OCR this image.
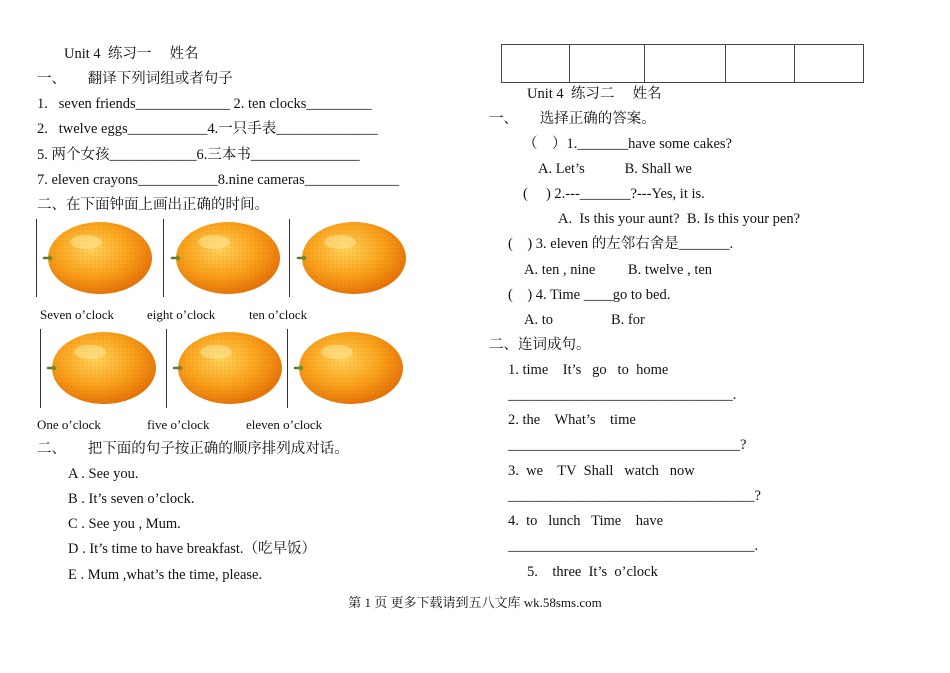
Unit 4  练习一     姓名
一、      翻译下列词组或者句子
1.   seven friends_____________ 2. ten clocks_________
2.   twelve eggs___________4.一只手表______________
5. 两个女孩____________6.三本书_______________
7. eleven crayons___________8.nine cameras_____________
二、在下面钟面上画出正确的时间。
Seven o’clock	eight o’clock	ten o’clock
One o’clock	five o’clock	eleven o’clock
二、      把下面的句子按正确的顺序排列成对话。
A . See you.
B . It’s seven o’clock.
C . See you , Mum.
D . It’s time to have breakfast.（吃早饭）
E . Mum ,what’s the time, please.

Unit 4  练习二     姓名
一、      选择正确的答案。
（    ）1._______have some cakes?
A. Let’s           B. Shall we
(     ) 2.---_______?---Yes, it is.
A.  Is this your aunt?  B. Is this your pen?
(    ) 3. eleven 的左邻右舍是_______.
A. ten , nine         B. twelve , ten
(    ) 4. Time ____go to bed.
A. to                B. for
二、连词成句。
1. time    It’s   go   to  home
_______________________________.
2. the    What’s    time
________________________________?
3.  we    TV  Shall   watch   now
__________________________________?
4.  to   lunch   Time    have
__________________________________.
5.    three  It’s  o’clock
第 1 页 更多下载请到五八文库 wk.58sms.com
